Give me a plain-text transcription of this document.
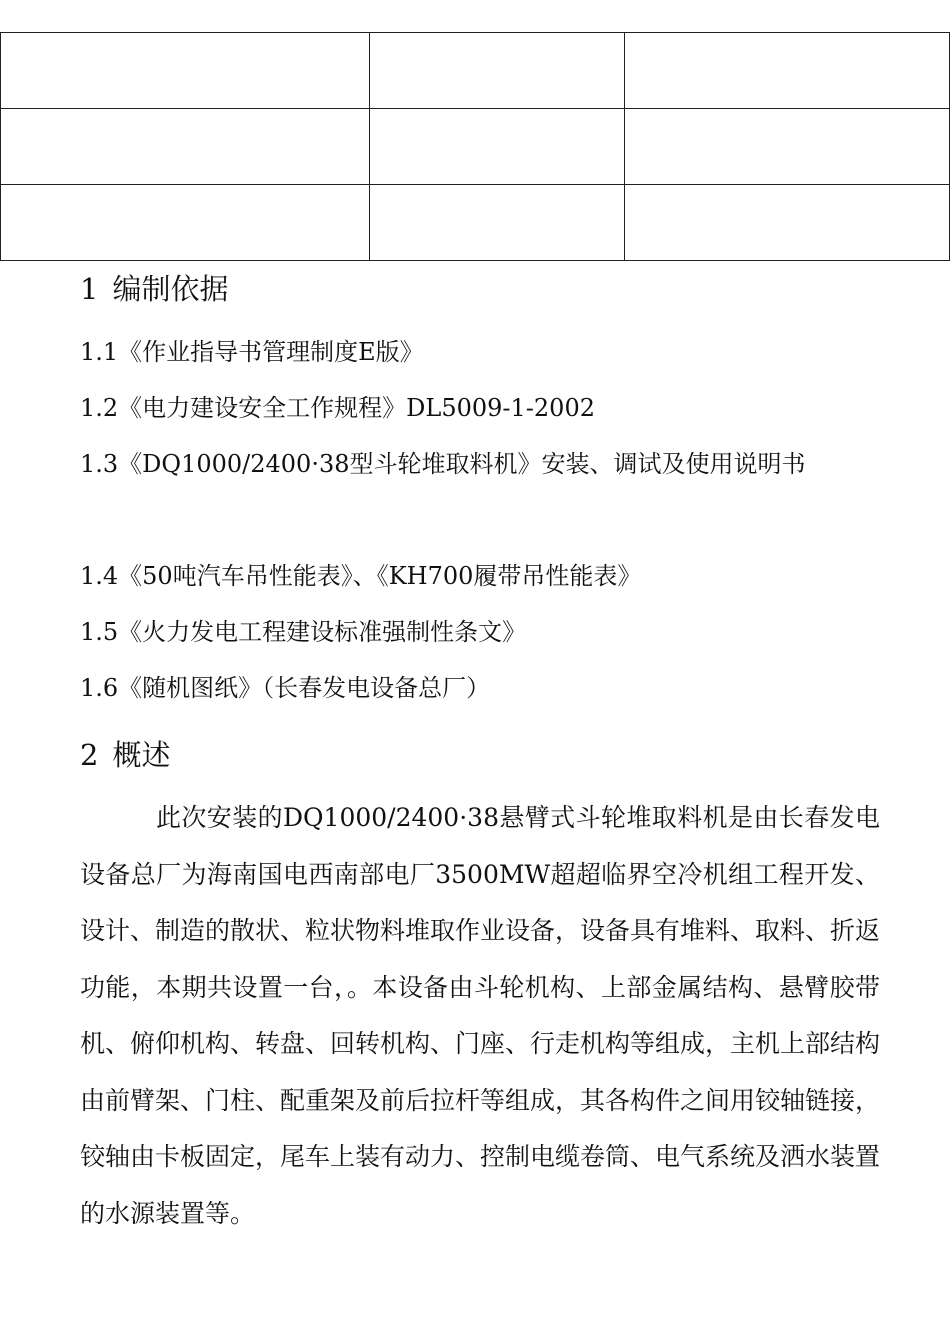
1 编制依据
1.1《作业指导书管理制度E版》
1.2《电力建设安全工作规程》DL5009-1-2002

1.3《DQ1000/2400·38型斗轮堆取料机》安装、调试及使用说明书

1.4《50吨汽车吊性能表》、《KH700履带吊性能表》
1.5《火力发电工程建设标准强制性条文》
1.6《随机图纸》（长春发电设备总厂）
2 概述

此次安装的DQ1000/2400·38悬臂式斗轮堆取料机是由长春发电设备总厂为海南国电西南部电厂3500MW超超临界空冷机组工程开发、设计、制造的散状、粒状物料堆取作业设备，设备具有堆料、取料、折返功能，本期共设置一台，。本设备由斗轮机构、上部金属结构、悬臂胶带机、俯仰机构、转盘、回转机构、门座、行走机构等组成，主机上部结构由前臂架、门柱、配重架及前后拉杆等组成，其各构件之间用铰轴链接，铰轴由卡板固定，尾车上装有动力、控制电缆卷筒、电气系统及洒水装置的水源装置等。
